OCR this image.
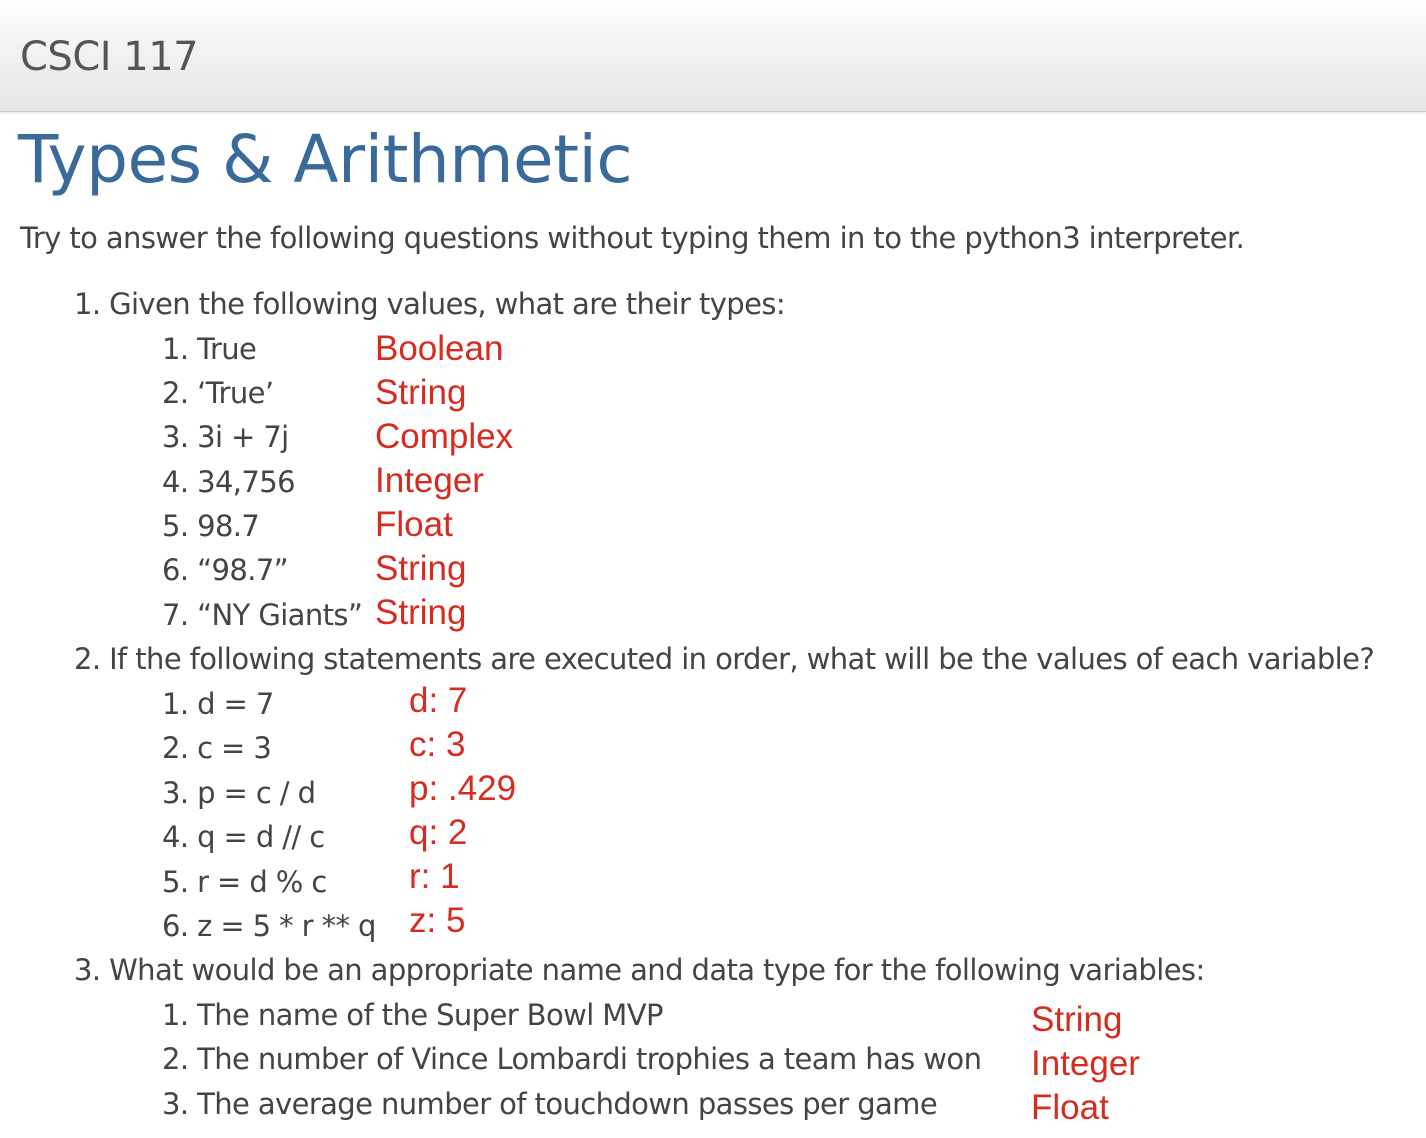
CSCI 117
Types & Arithmetic
Try to answer the following questions without typing them in to the python3 interpreter.
1. Given the following values, what are their types:
1. True
2. ‘True’
3. 3i + 7j
4. 34,756
5. 98.7
6. “98.7”
7. “NY Giants”
Boolean
String
Complex
Integer
Float
String
String
2. If the following statements are executed in order, what will be the values of each variable?
1. d = 7
2. c = 3
3. p = c / d
4. q = d // c
5. r = d % c
6. z = 5 * r ** q
d: 7
c: 3
p: .429
q: 2
r: 1
z: 5
3. What would be an appropriate name and data type for the following variables:
1. The name of the Super Bowl MVP
2. The number of Vince Lombardi trophies a team has won
3. The average number of touchdown passes per game
String
Integer
Float
